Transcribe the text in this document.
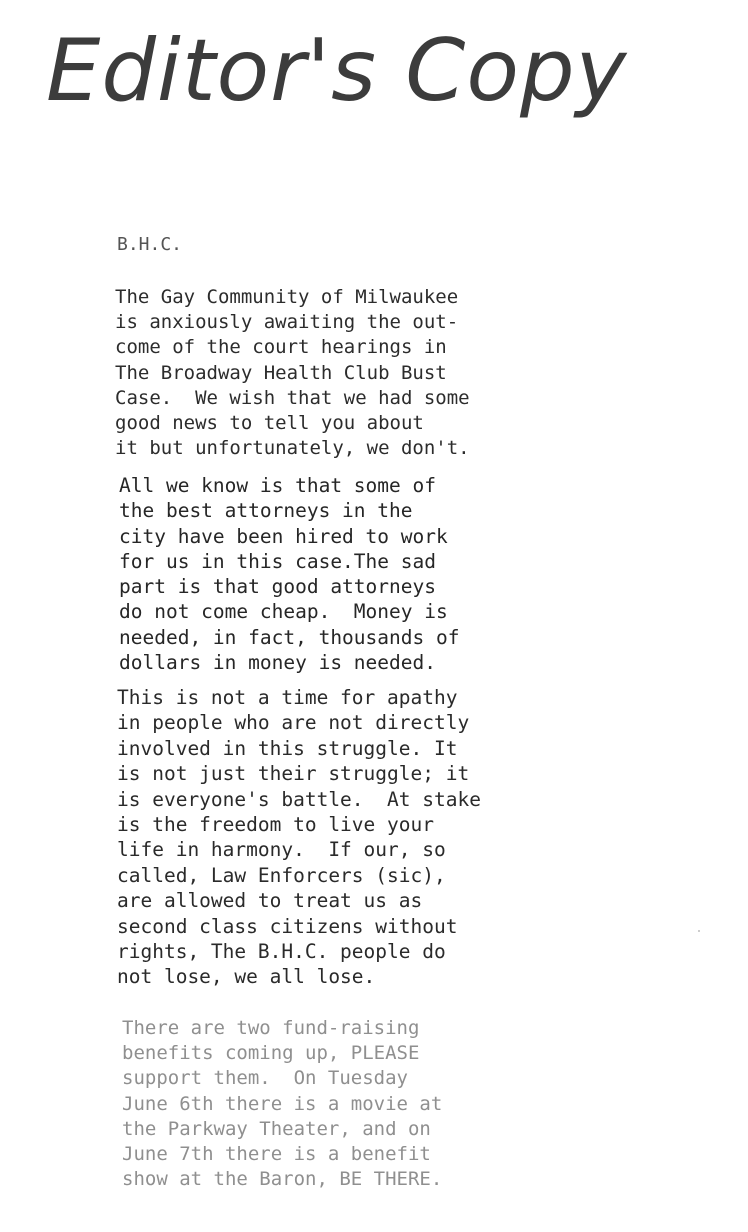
Editor's Copy
B.H.C.
The Gay Community of Milwaukee
is anxiously awaiting the out-
come of the court hearings in
The Broadway Health Club Bust
Case.  We wish that we had some
good news to tell you about
it but unfortunately, we don't.
All we know is that some of
the best attorneys in the
city have been hired to work
for us in this case.The sad
part is that good attorneys
do not come cheap.  Money is
needed, in fact, thousands of
dollars in money is needed.
This is not a time for apathy
in people who are not directly
involved in this struggle. It
is not just their struggle; it
is everyone's battle.  At stake
is the freedom to live your
life in harmony.  If our, so
called, Law Enforcers (sic),
are allowed to treat us as
second class citizens without
rights, The B.H.C. people do
not lose, we all lose.
There are two fund-raising
benefits coming up, PLEASE
support them.  On Tuesday
June 6th there is a movie at
the Parkway Theater, and on
June 7th there is a benefit
show at the Baron, BE THERE.
